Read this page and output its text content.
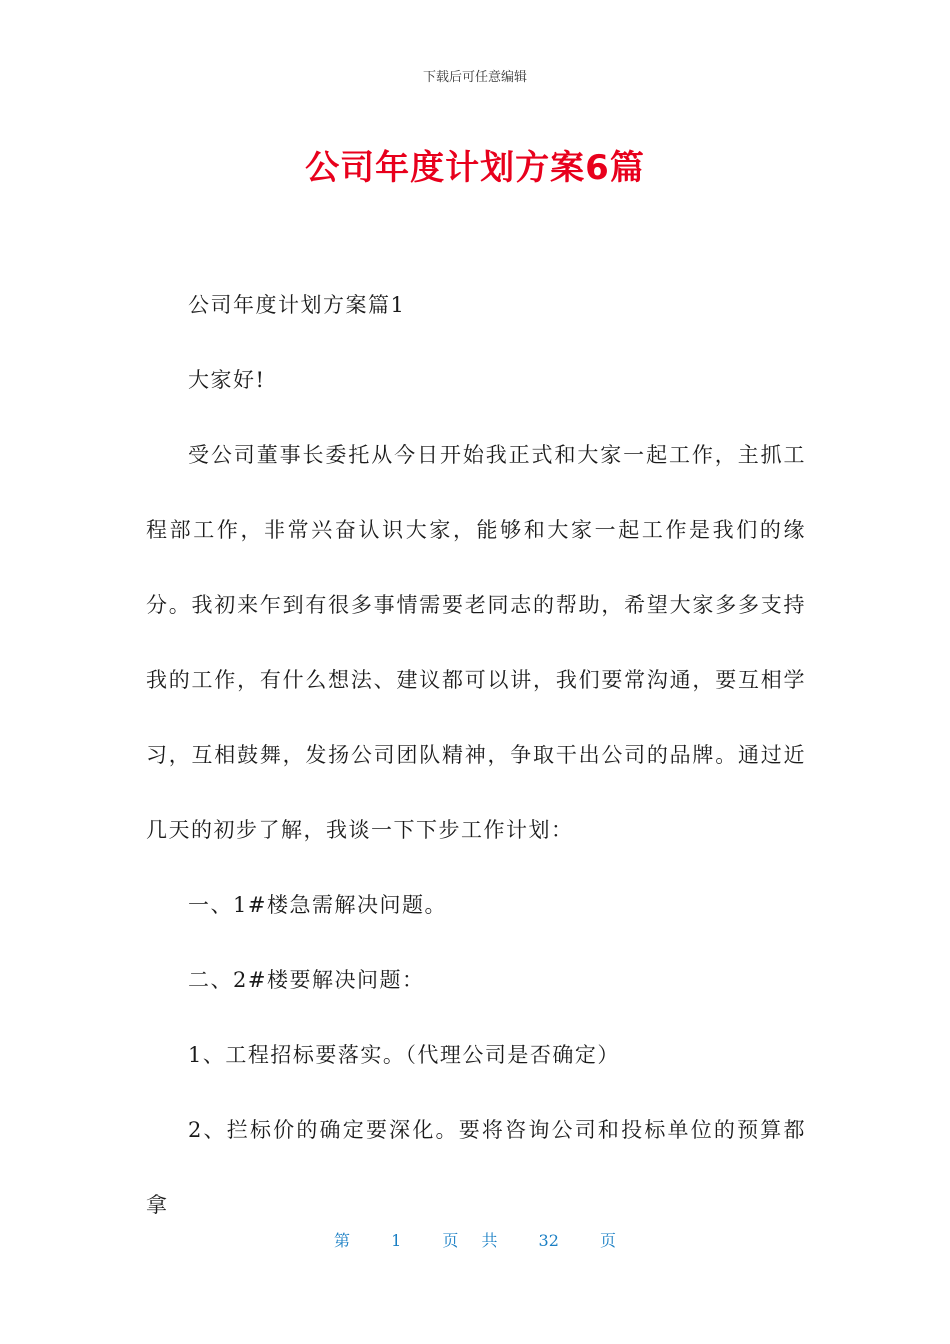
下载后可任意编辑
公司年度计划方案6篇

公司年度计划方案篇1

大家好!

受公司董事长委托从今日开始我正式和大家一起工作，主抓工程部工作，非常兴奋认识大家，能够和大家一起工作是我们的缘分。我初来乍到有很多事情需要老同志的帮助，希望大家多多支持我的工作，有什么想法、建议都可以讲，我们要常沟通，要互相学习，互相鼓舞，发扬公司团队精神，争取干出公司的品牌。通过近几天的初步了解，我谈一下下步工作计划：

一、1#楼急需解决问题。

二、2#楼要解决问题：

1、工程招标要落实。（代理公司是否确定）

2、拦标价的确定要深化。要将咨询公司和投标单位的预算都拿

第	1	页 共	32	页
